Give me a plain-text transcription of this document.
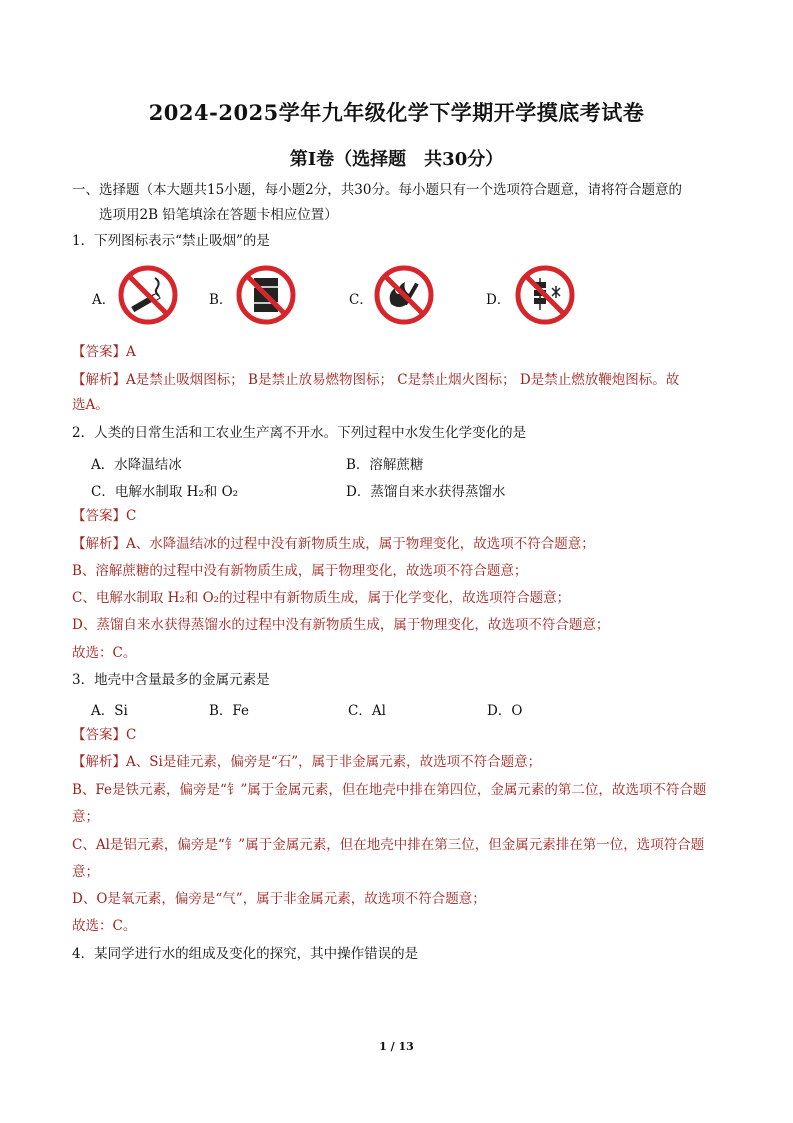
2024-2025学年九年级化学下学期开学摸底考试卷
第Ⅰ卷（选择题　共30分）
一、选择题（本大题共15小题，每小题2分，共30分。每小题只有一个选项符合题意，请将符合题意的
选项用2B 铅笔填涂在答题卡相应位置）
1．下列图标表示“禁止吸烟”的是
A．	B．	C．	D．
【答案】A
【解析】A是禁止吸烟图标； B是禁止放易燃物图标； C是禁止烟火图标； D是禁止燃放鞭炮图标。故
选A。
2．人类的日常生活和工农业生产离不开水。下列过程中水发生化学变化的是
A．水降温结冰	B．溶解蔗糖
C．电解水制取 H₂和 O₂	D．蒸馏自来水获得蒸馏水
【答案】C
【解析】A、水降温结冰的过程中没有新物质生成，属于物理变化，故选项不符合题意；
B、溶解蔗糖的过程中没有新物质生成，属于物理变化，故选项不符合题意；
C、电解水制取 H₂和 O₂的过程中有新物质生成，属于化学变化，故选项符合题意；
D、蒸馏自来水获得蒸馏水的过程中没有新物质生成，属于物理变化，故选项不符合题意；
故选：C。
3．地壳中含量最多的金属元素是
A．Si	B．Fe	C．Al	D．O
【答案】C
【解析】A、Si是硅元素，偏旁是“石”，属于非金属元素，故选项不符合题意；
B、Fe是铁元素，偏旁是“钅”属于金属元素，但在地壳中排在第四位，金属元素的第二位，故选项不符合题
意；
C、Al是铝元素，偏旁是“钅”属于金属元素，但在地壳中排在第三位，但金属元素排在第一位，选项符合题
意；
D、O是氧元素，偏旁是“气”，属于非金属元素，故选项不符合题意；
故选：C。
4．某同学进行水的组成及变化的探究，其中操作错误的是
1 / 13
